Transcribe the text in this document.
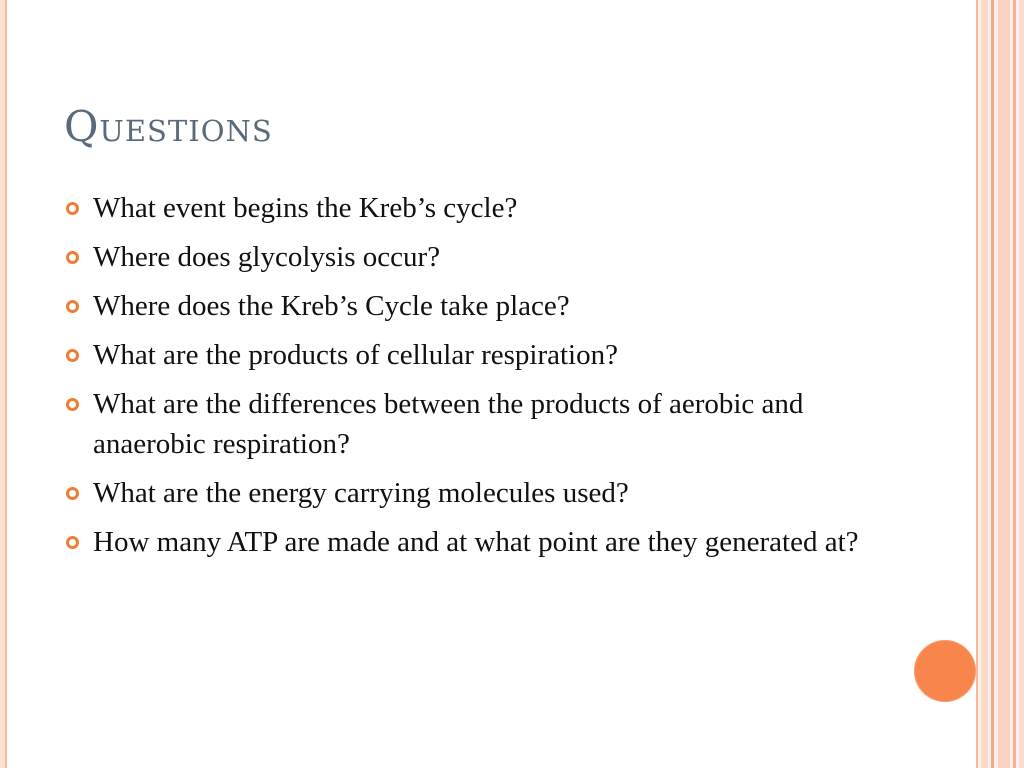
Questions
What event begins the Kreb’s cycle?
Where does glycolysis occur?
Where does the Kreb’s Cycle take place?
What are the products of cellular respiration?
What are the differences between the products of aerobic and anaerobic respiration?
What are the energy carrying molecules used?
How many ATP are made and at what point are they generated at?
